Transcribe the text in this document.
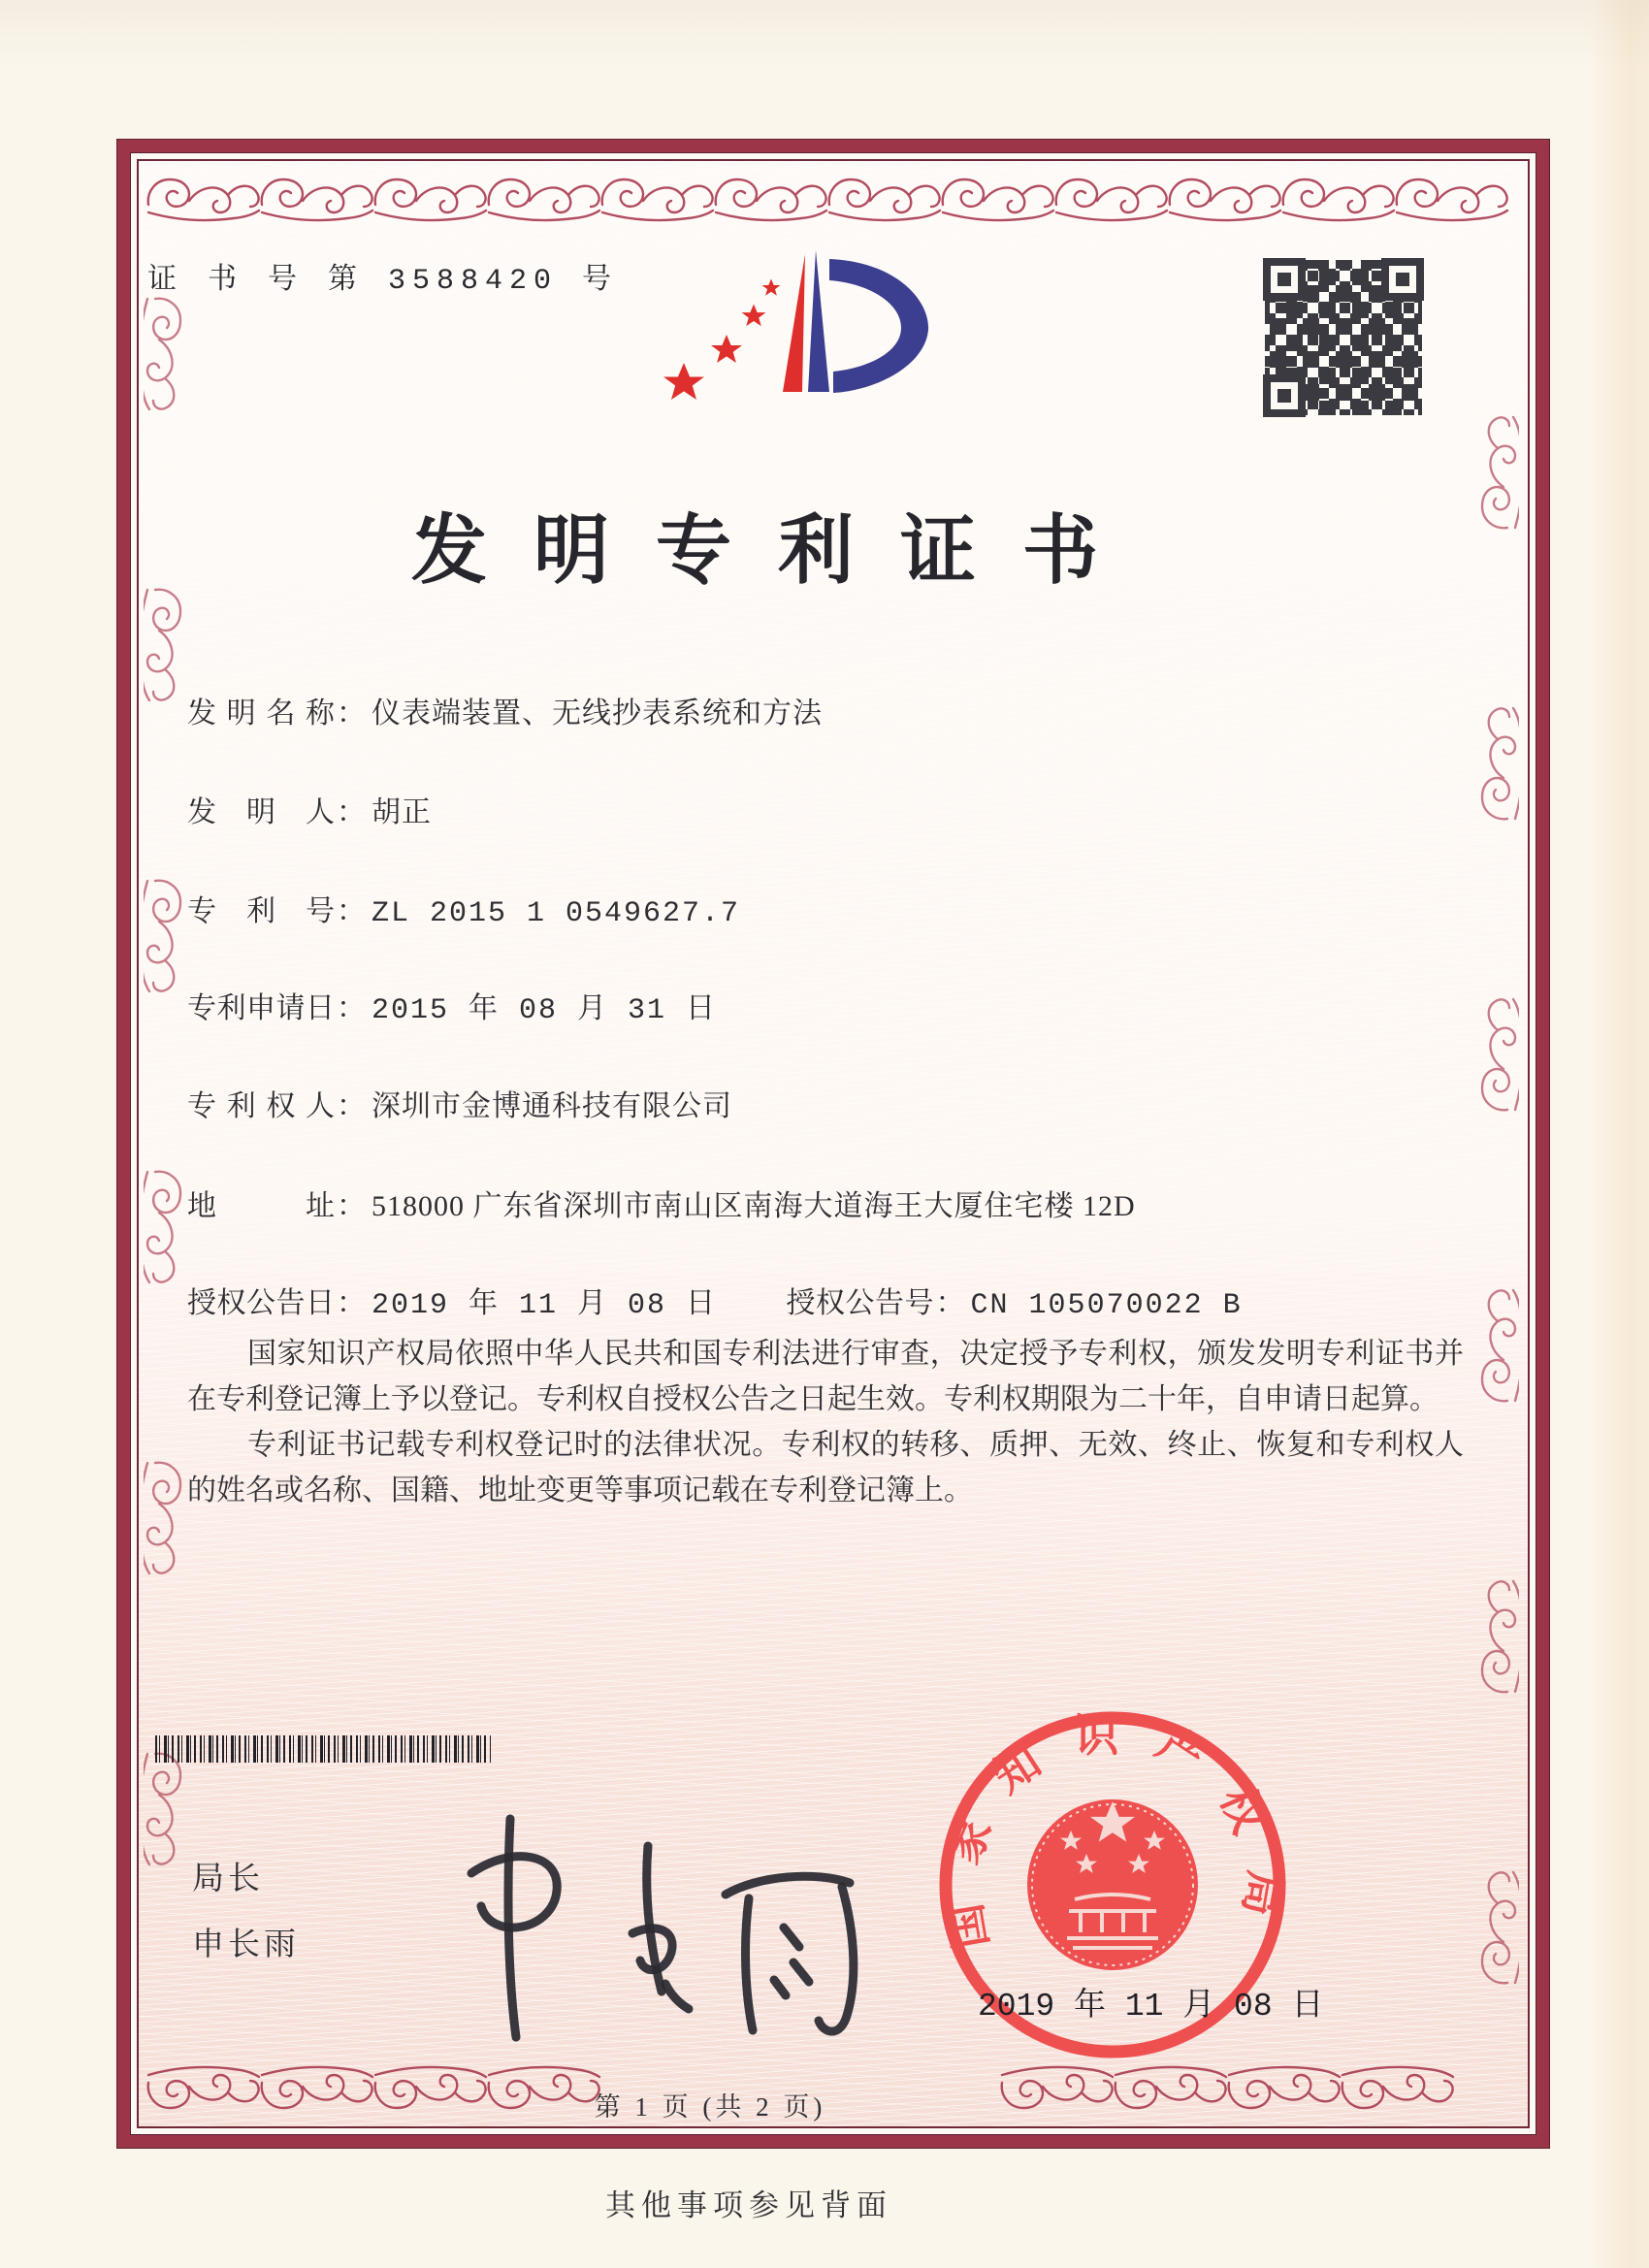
证 书 号 第 3588420 号
发明专利证书
发明名称： 仪表端装置、无线抄表系统和方法
发明人： 胡正
专利号： ZL 2015 1 0549627.7
专利申请日： 2015 年 08 月 31 日
专利权人： 深圳市金博通科技有限公司
地址： 518000 广东省深圳市南山区南海大道海王大厦住宅楼 12D
授权公告日： 2019 年 11 月 08 日 授权公告号： CN 105070022 B

国家知识产权局依照中华人民共和国专利法进行审查，决定授予专利权，颁发发明专利证书并在专利登记簿上予以登记。专利权自授权公告之日起生效。专利权期限为二十年，自申请日起算。

专利证书记载专利权登记时的法律状况。专利权的转移、质押、无效、终止、恢复和专利权人的姓名或名称、国籍、地址变更等事项记载在专利登记簿上。

局长
申长雨	国家知识产权局
2019 年 11 月 08 日
第 1 页 (共 2 页)
其他事项参见背面
